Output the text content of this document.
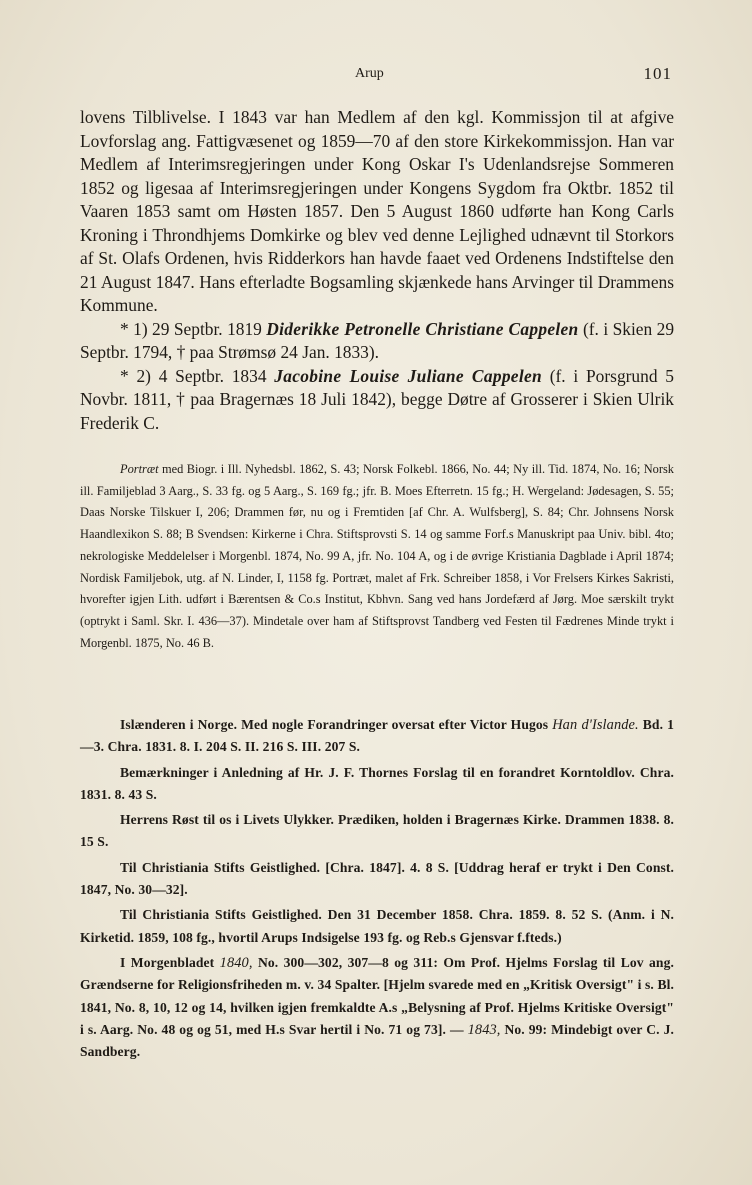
Arup	101

lovens Tilblivelse. I 1843 var han Medlem af den kgl. Kommissjon til at afgive Lovforslag ang. Fattigvæsenet og 1859—70 af den store Kirkekommissjon. Han var Medlem af Interimsregjeringen under Kong Oskar I's Udenlandsrejse Sommeren 1852 og ligesaa af Interimsregjeringen under Kongens Sygdom fra Oktbr. 1852 til Vaaren 1853 samt om Høsten 1857. Den 5 August 1860 udførte han Kong Carls Kroning i Throndhjems Domkirke og blev ved denne Lejlighed udnævnt til Storkors af St. Olafs Ordenen, hvis Ridderkors han havde faaet ved Ordenens Indstiftelse den 21 August 1847. Hans efterladte Bogsamling skjænkede hans Arvinger til Drammens Kommune.

* 1) 29 Septbr. 1819 Diderikke Petronelle Christiane Cappelen (f. i Skien 29 Septbr. 1794, † paa Strømsø 24 Jan. 1833).

* 2) 4 Septbr. 1834 Jacobine Louise Juliane Cappelen (f. i Porsgrund 5 Novbr. 1811, † paa Bragernæs 18 Juli 1842), begge Døtre af Grosserer i Skien Ulrik Frederik C.

Portræt med Biogr. i Ill. Nyhedsbl. 1862, S. 43; Norsk Folkebl. 1866, No. 44; Ny ill. Tid. 1874, No. 16; Norsk ill. Familjeblad 3 Aarg., S. 33 fg. og 5 Aarg., S. 169 fg.; jfr. B. Moes Efterretn. 15 fg.; H. Wergeland: Jødesagen, S. 55; Daas Norske Tilskuer I, 206; Drammen før, nu og i Fremtiden [af Chr. A. Wulfsberg], S. 84; Chr. Johnsens Norsk Haandlexikon S. 88; B Svendsen: Kirkerne i Chra. Stiftsprovsti S. 14 og samme Forf.s Manuskript paa Univ. bibl. 4to; nekrologiske Meddelelser i Morgenbl. 1874, No. 99 A, jfr. No. 104 A, og i de øvrige Kristiania Dagblade i April 1874; Nordisk Familjebok, utg. af N. Linder, I, 1158 fg. Portræt, malet af Frk. Schreiber 1858, i Vor Frelsers Kirkes Sakristi, hvorefter igjen Lith. udført i Bærentsen & Co.s Institut, Kbhvn. Sang ved hans Jordefærd af Jørg. Moe særskilt trykt (optrykt i Saml. Skr. I. 436—37). Mindetale over ham af Stiftsprovst Tandberg ved Festen til Fædrenes Minde trykt i Morgenbl. 1875, No. 46 B.

Islænderen i Norge. Med nogle Forandringer oversat efter Victor Hugos Han d'Islande. Bd. 1—3. Chra. 1831. 8. I. 204 S. II. 216 S. III. 207 S.

Bemærkninger i Anledning af Hr. J. F. Thornes Forslag til en forandret Korntoldlov. Chra. 1831. 8. 43 S.

Herrens Røst til os i Livets Ulykker. Prædiken, holden i Bragernæs Kirke. Drammen 1838. 8. 15 S.

Til Christiania Stifts Geistlighed. [Chra. 1847]. 4. 8 S. [Uddrag heraf er trykt i Den Const. 1847, No. 30—32].

Til Christiania Stifts Geistlighed. Den 31 December 1858. Chra. 1859. 8. 52 S. (Anm. i N. Kirketid. 1859, 108 fg., hvortil Arups Indsigelse 193 fg. og Reb.s Gjensvar f.fteds.)

I Morgenbladet 1840, No. 300—302, 307—8 og 311: Om Prof. Hjelms Forslag til Lov ang. Grændserne for Religionsfriheden m. v. 34 Spalter. [Hjelm svarede med en „Kritisk Oversigt" i s. Bl. 1841, No. 8, 10, 12 og 14, hvilken igjen fremkaldte A.s „Belysning af Prof. Hjelms Kritiske Oversigt" i s. Aarg. No. 48 og og 51, med H.s Svar hertil i No. 71 og 73]. — 1843, No. 99: Mindebigt over C. J. Sandberg.
